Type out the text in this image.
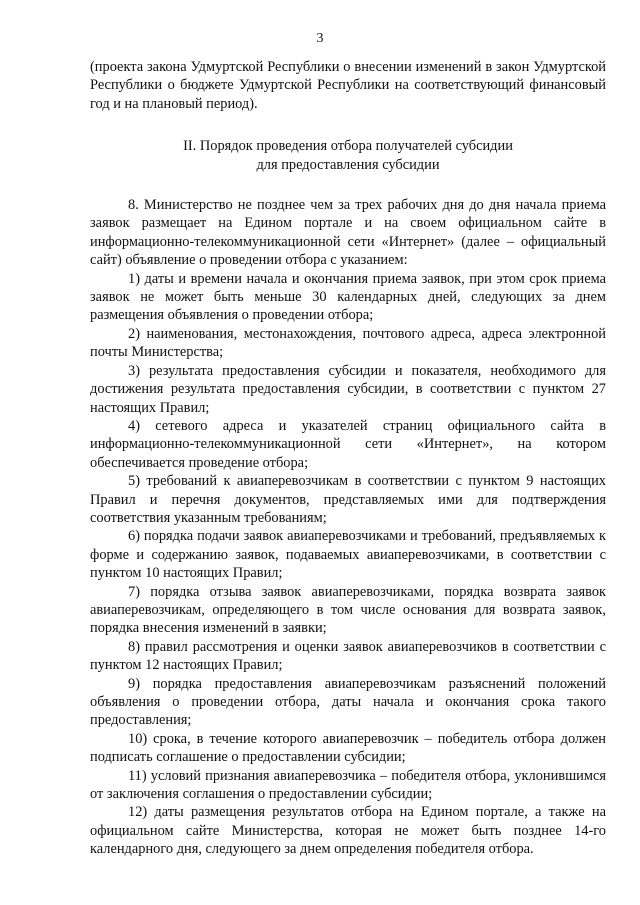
3

(проекта закона Удмуртской Республики о внесении изменений в закон Удмуртской Республики о бюджете Удмуртской Республики на соответствующий финансовый год и на плановый период).

II. Порядок проведения отбора получателей субсидии
для предоставления субсидии

8. Министерство не позднее чем за трех рабочих дня до дня начала приема заявок размещает на Едином портале и на своем официальном сайте в информационно-телекоммуникационной сети «Интернет» (далее – официальный сайт) объявление о проведении отбора с указанием:

1) даты и времени начала и окончания приема заявок, при этом срок приема заявок не может быть меньше 30 календарных дней, следующих за днем размещения объявления о проведении отбора;

2) наименования, местонахождения, почтового адреса, адреса электронной почты Министерства;

3) результата предоставления субсидии и показателя, необходимого для достижения результата предоставления субсидии, в соответствии с пунктом 27 настоящих Правил;

4) сетевого адреса и указателей страниц официального сайта в информационно-телекоммуникационной сети «Интернет», на котором обеспечивается проведение отбора;

5) требований к авиаперевозчикам в соответствии с пунктом 9 настоящих Правил и перечня документов, представляемых ими для подтверждения соответствия указанным требованиям;

6) порядка подачи заявок авиаперевозчиками и требований, предъявляемых к форме и содержанию заявок, подаваемых авиаперевозчиками, в соответствии с пунктом 10 настоящих Правил;

7) порядка отзыва заявок авиаперевозчиками, порядка возврата заявок авиаперевозчикам, определяющего в том числе основания для возврата заявок, порядка внесения изменений в заявки;

8) правил рассмотрения и оценки заявок авиаперевозчиков в соответствии с пунктом 12 настоящих Правил;

9) порядка предоставления авиаперевозчикам разъяснений положений объявления о проведении отбора, даты начала и окончания срока такого предоставления;

10) срока, в течение которого авиаперевозчик – победитель отбора должен подписать соглашение о предоставлении субсидии;

11) условий признания авиаперевозчика – победителя отбора, уклонившимся от заключения соглашения о предоставлении субсидии;

12) даты размещения результатов отбора на Едином портале, а также на официальном сайте Министерства, которая не может быть позднее 14-го календарного дня, следующего за днем определения победителя отбора.
